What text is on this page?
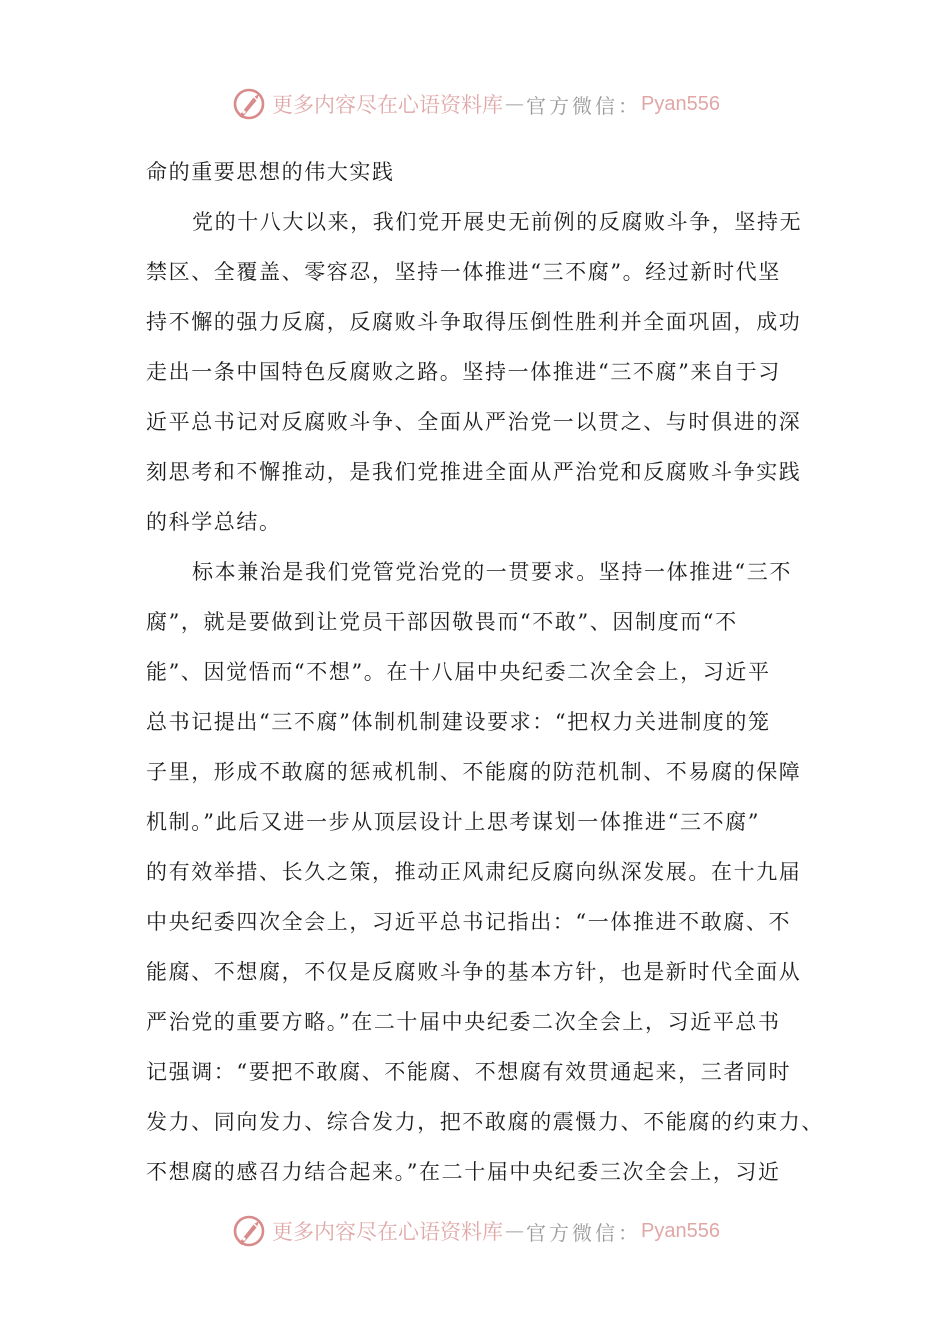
更多内容尽在心语资料库 — 官方微信： Pyan556
命的重要思想的伟大实践
党的十八大以来，我们党开展史无前例的反腐败斗争，坚持无
禁区、全覆盖、零容忍，坚持一体推进“三不腐”。经过新时代坚
持不懈的强力反腐，反腐败斗争取得压倒性胜利并全面巩固，成功
走出一条中国特色反腐败之路。坚持一体推进“三不腐”来自于习
近平总书记对反腐败斗争、全面从严治党一以贯之、与时俱进的深
刻思考和不懈推动，是我们党推进全面从严治党和反腐败斗争实践
的科学总结。
标本兼治是我们党管党治党的一贯要求。坚持一体推进“三不
腐”，就是要做到让党员干部因敬畏而“不敢”、因制度而“不
能”、因觉悟而“不想”。在十八届中央纪委二次全会上，习近平
总书记提出“三不腐”体制机制建设要求：“把权力关进制度的笼
子里，形成不敢腐的惩戒机制、不能腐的防范机制、不易腐的保障
机制。”此后又进一步从顶层设计上思考谋划一体推进“三不腐”
的有效举措、长久之策，推动正风肃纪反腐向纵深发展。在十九届
中央纪委四次全会上，习近平总书记指出：“一体推进不敢腐、不
能腐、不想腐，不仅是反腐败斗争的基本方针，也是新时代全面从
严治党的重要方略。”在二十届中央纪委二次全会上，习近平总书
记强调：“要把不敢腐、不能腐、不想腐有效贯通起来，三者同时
发力、同向发力、综合发力，把不敢腐的震慑力、不能腐的约束力、
不想腐的感召力结合起来。”在二十届中央纪委三次全会上，习近
更多内容尽在心语资料库 — 官方微信： Pyan556
